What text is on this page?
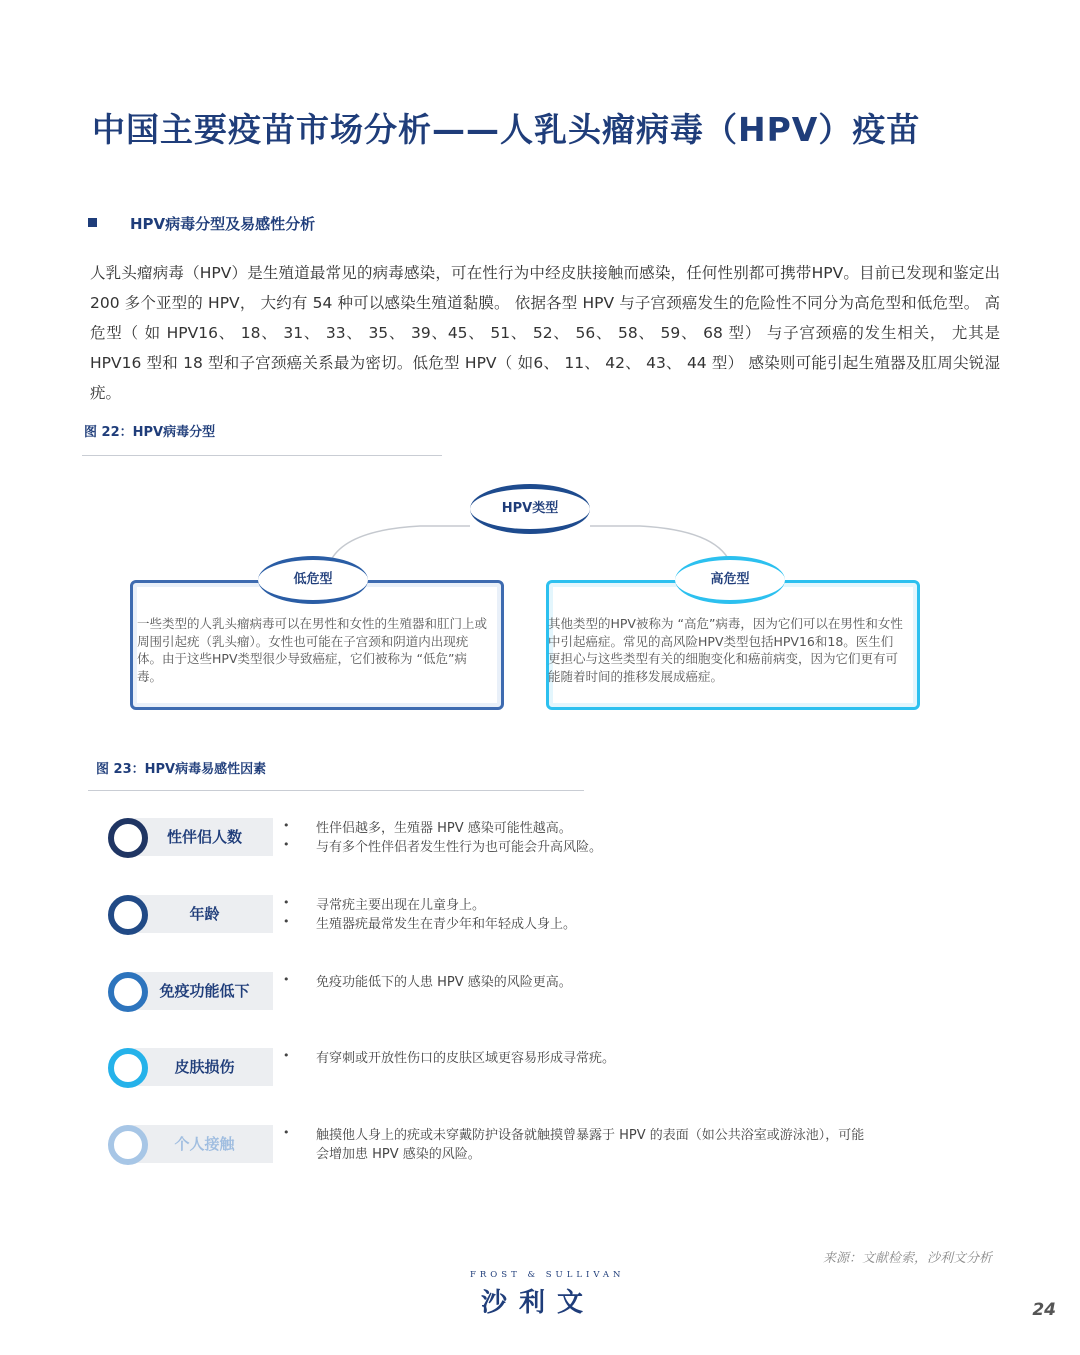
中国主要疫苗市场分析——人乳头瘤病毒（HPV）疫苗
HPV病毒分型及易感性分析
人乳头瘤病毒（HPV）是生殖道最常见的病毒感染，可在性行为中经皮肤接触而感染，任何性别都可携带HPV。目前已发现和鉴定出 200 多个亚型的 HPV， 大约有 54 种可以感染生殖道黏膜。 依据各型 HPV 与子宫颈癌发生的危险性不同分为高危型和低危型。 高危型（ 如 HPV16、 18、 31、 33、 35、 39、45、 51、 52、 56、 58、 59、 68 型） 与子宫颈癌的发生相关， 尤其是HPV16 型和 18 型和子宫颈癌关系最为密切。低危型 HPV（ 如6、 11、 42、 43、 44 型） 感染则可能引起生殖器及肛周尖锐湿疣。
图 22：HPV病毒分型
HPV类型
一些类型的人乳头瘤病毒可以在男性和女性的生殖器和肛门上或周围引起疣（乳头瘤）。女性也可能在子宫颈和阴道内出现疣体。由于这些HPV类型很少导致癌症，它们被称为 “低危”病毒。
低危型
其他类型的HPV被称为 “高危”病毒，因为它们可以在男性和女性中引起癌症。常见的高风险HPV类型包括HPV16和18。医生们更担心与这些类型有关的细胞变化和癌前病变，因为它们更有可能随着时间的推移发展成癌症。
高危型
图 23：HPV病毒易感性因素
性伴侣人数
• 性伴侣越多，生殖器 HPV 感染可能性越高。
• 与有多个性伴侣者发生性行为也可能会升高风险。
年龄
• 寻常疣主要出现在儿童身上。
• 生殖器疣最常发生在青少年和年轻成人身上。
免疫功能低下
• 免疫功能低下的人患 HPV 感染的风险更高。
皮肤损伤
• 有穿刺或开放性伤口的皮肤区域更容易形成寻常疣。
个人接触
• 触摸他人身上的疣或未穿戴防护设备就触摸曾暴露于 HPV 的表面（如公共浴室或游泳池），可能
会增加患 HPV 感染的风险。
来源：文献检索，沙利文分析
FROST & SULLIVAN
沙利文	24
